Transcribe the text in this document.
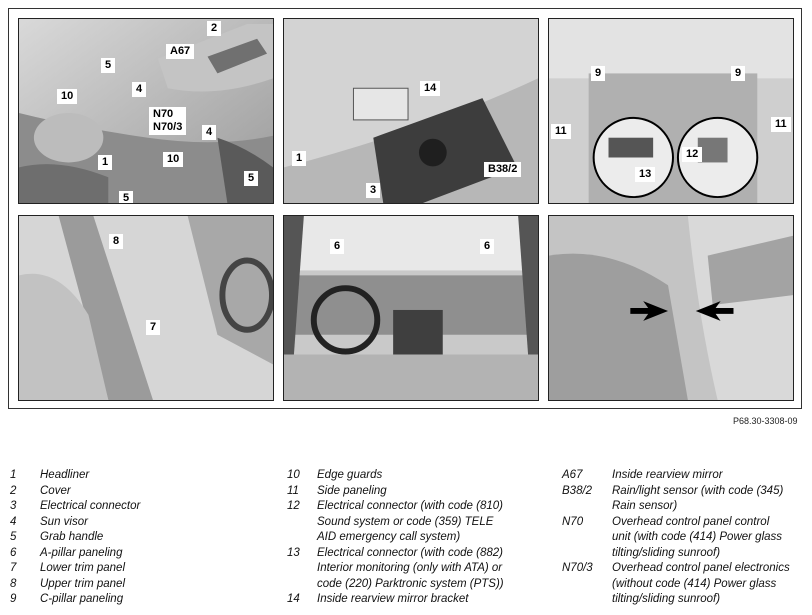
2
A67
5
4
10
N70
N70/3	4
1	10
5
5
14
1
B38/2
3
9	9
11
11
13
12
8
7
6	6
P68.30-3308-09
1	Headliner
2	Cover
3	Electrical connector
4	Sun visor
5	Grab handle
6	A-pillar paneling
7	Lower trim panel
8	Upper trim panel
9	C-pillar paneling
10	Edge guards
11	Side paneling
12	Electrical connector (with code (810)
Sound system or code (359) TELE
AID emergency call system)
13	Electrical connector (with code (882)
Interior monitoring (only with ATA) or
code (220) Parktronic system (PTS))
14	Inside rearview mirror bracket
A67	Inside rearview mirror
B38/2	Rain/light sensor (with code (345)
Rain sensor)
N70	Overhead control panel control
unit (with code (414) Power glass
tilting/sliding sunroof)
N70/3	Overhead control panel electronics
(without code (414) Power glass
tilting/sliding sunroof)
